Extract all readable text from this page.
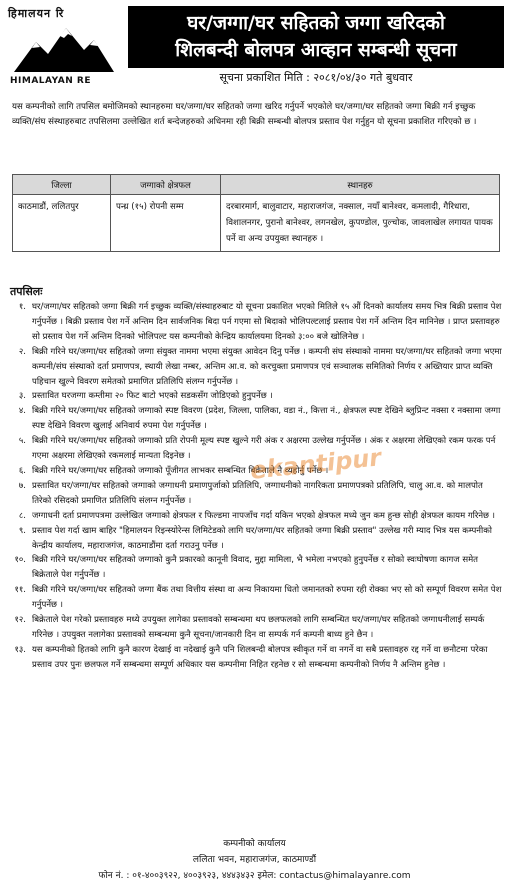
हिमालयन रि
HIMALAYAN RE
घर/जग्गा/घर सहितको जग्गा खरिदको
शिलबन्दी बोलपत्र आव्हान सम्बन्धी सूचना
सूचना प्रकाशित मिति : २०८१/०४/३० गते बुधवार
यस कम्पनीको लागि तपसिल बमोजिमको स्थानहरुमा घर/जग्गा/घर सहितको जग्गा खरिद गर्नुपर्ने भएकोले घर/जग्गा/घर सहितको जग्गा बिक्री गर्न इच्छुक व्यक्ति/संघ संस्थाहरुबाट तपसिलमा उल्लेखित शर्त बन्देजहरुको अधिनमा रही बिक्री सम्बन्धी बोलपत्र प्रस्ताव पेश गर्नुहुन यो सूचना प्रकाशित गरिएको छ ।
जिल्ला	जग्गाको क्षेत्रफल	स्थानहरु
काठमाडौं, ललितपुर	पन्ध्र (१५) रोपनी सम्म	दरबारमार्ग, बालुवाटार, महाराजगंज, नक्साल, नयाँ बानेश्वर, कमलादी, गैरिधारा, विशालनगर, पुरानो बानेश्वर, लगनखेल, कुपण्डोल, पुल्चोक, जावलाखेल लगायत पायक पर्ने वा अन्य उपयुक्त स्थानहरु ।
तपसिलः
१. घर/जग्गा/घर सहितको जग्गा बिक्री गर्न इच्छुक व्यक्ति/संस्थाहरुबाट यो सूचना प्रकाशित भएको मितिले १५ औं दिनको कार्यालय समय भित्र बिक्री प्रस्ताव पेश गर्नुपर्नेछ । बिक्री प्रस्ताव पेश गर्ने अन्तिम दिन सार्वजनिक बिदा पर्न गएमा सो बिदाको भोलिपल्टलाई प्रस्ताव पेश गर्ने अन्तिम दिन मानिनेछ । प्राप्त प्रस्तावहरु सो प्रस्ताव पेश गर्ने अन्तिम दिनको भोलिपल्ट यस कम्पनीको केन्द्रिय कार्यालयमा दिनको ३:०० बजे खोलिनेछ ।
२. बिक्री गरिने घर/जग्गा/घर सहितको जग्गा संयुक्त नाममा भएमा संयुक्त आवेदन दिनु पर्नेछ । कम्पनी संघ संस्थाको नाममा घर/जग्गा/घर सहितको जग्गा भएमा कम्पनी/संघ संस्थाको दर्ता प्रमाणपत्र, स्थायी लेखा नम्बर, अन्तिम आ.व. को करचुक्ता प्रमाणपत्र एवं सञ्चालक समितिको निर्णय र अख्तियार प्राप्त व्यक्ति पहिचान खुल्ने विवरण समेतको प्रमाणित प्रतिलिपि संलग्न गर्नुपर्नेछ ।
३. प्रस्तावित घरजग्गा कम्तीमा २० फिट बाटो भएको सडकसँग जोडिएको हुनुपर्नेछ ।
४. बिक्री गरिने घर/जग्गा/घर सहितको जग्गाको स्पष्ट विवरण (प्रदेश, जिल्ला, पालिका, वडा नं., कित्ता नं., क्षेत्रफल स्पष्ट देखिने ब्लुप्रिन्ट नक्सा र नक्सामा जग्गा स्पष्ट देखिने विवरण खुलाई अनिवार्य रुपमा पेश गर्नुपर्नेछ ।
५. बिक्री गरिने घर/जग्गा/घर सहितको जग्गाको प्रति रोपनी मूल्य स्पष्ट खुल्ने गरी अंक र अक्षरमा उल्लेख गर्नुपर्नेछ । अंक र अक्षरमा लेखिएको रकम फरक पर्न गएमा अक्षरमा लेखिएको रकमलाई मान्यता दिइनेछ ।
६. बिक्री गरिने घर/जग्गा/घर सहितको जग्गाको पूँजीगत लाभकर सम्बन्धित बिक्रेताले नै व्यहोर्नु पर्नेछ ।
७. प्रस्तावित घर/जग्गा/घर सहितको जग्गाको जग्गाधनी प्रमाणपुर्जाको प्रतिलिपि, जग्गाधनीको नागरिकता प्रमाणपत्रको प्रतिलिपि, चालु आ.व. को मालपोत तिरेको रसिदको प्रमाणित प्रतिलिपि संलग्न गर्नुपर्नेछ ।
८. जग्गाधनी दर्ता प्रमाणपत्रमा उल्लेखित जग्गाको क्षेत्रफल र फिल्डमा नापजाँच गर्दा यकिन भएको क्षेत्रफल मध्ये जुन कम हुन्छ सोही क्षेत्रफल कायम गरिनेछ ।
९. प्रस्ताव पेश गर्दा खाम बाहिर "हिमालयन रिइन्स्योरेन्स लिमिटेडको लागि घर/जग्गा/घर सहितको जग्गा बिक्री प्रस्ताव" उल्लेख गरी म्याद भित्र यस कम्पनीको केन्द्रीय कार्यालय, महाराजगंज, काठमाडौंमा दर्ता गराउनु पर्नेछ ।
१०. बिक्री गरिने घर/जग्गा/घर सहितको जग्गाको कुनै प्रकारको कानूनी विवाद, मुद्दा मामिला, भै भमेला नभएको हुनुपर्नेछ र सोको स्वःघोषणा कागज समेत बिक्रेताले पेश गर्नुपर्नेछ ।
११. बिक्री गरिने घर/जग्गा/घर सहितको जग्गा बैंक तथा वित्तीय संस्था वा अन्य निकायमा धितो जमानतको रुपमा रही रोक्का भए सो को सम्पूर्ण विवरण समेत पेश गर्नुपर्नेछ ।
१२. बिक्रेताले पेश गरेको प्रस्तावहरु मध्ये उपयुक्त लागेका प्रस्तावको सम्बन्धमा थप छलफलको लागि सम्बन्धित घर/जग्गा/घर सहितको जग्गाधनीलाई सम्पर्क गरिनेछ । उपयुक्त नलागेका प्रस्तावको सम्बन्धमा कुनै सूचना/जानकारी दिन वा सम्पर्क गर्न कम्पनी बाध्य हुने छैन ।
१३. यस कम्पनीको हितको लागि कुनै कारण देखाई वा नदेखाई कुनै पनि शिलबन्दी बोलपत्र स्वीकृत गर्ने वा नगर्ने वा सबै प्रस्तावहरु रद्द गर्ने वा छनौटमा परेका प्रस्ताव उपर पुनः छलफल गर्ने सम्बन्धमा सम्पूर्ण अधिकार यस कम्पनीमा निहित रहनेछ र सो सम्बन्धमा कम्पनीको निर्णय नै अन्तिम हुनेछ ।
ekantipur
कम्पनीको कार्यालय
ललिता भवन, महाराजगंज, काठमाण्डौं
फोन नं. : ०१-४००३९२२, ४००३९२३, ४४४३४३२ इमेल: contactus@himalayanre.com
